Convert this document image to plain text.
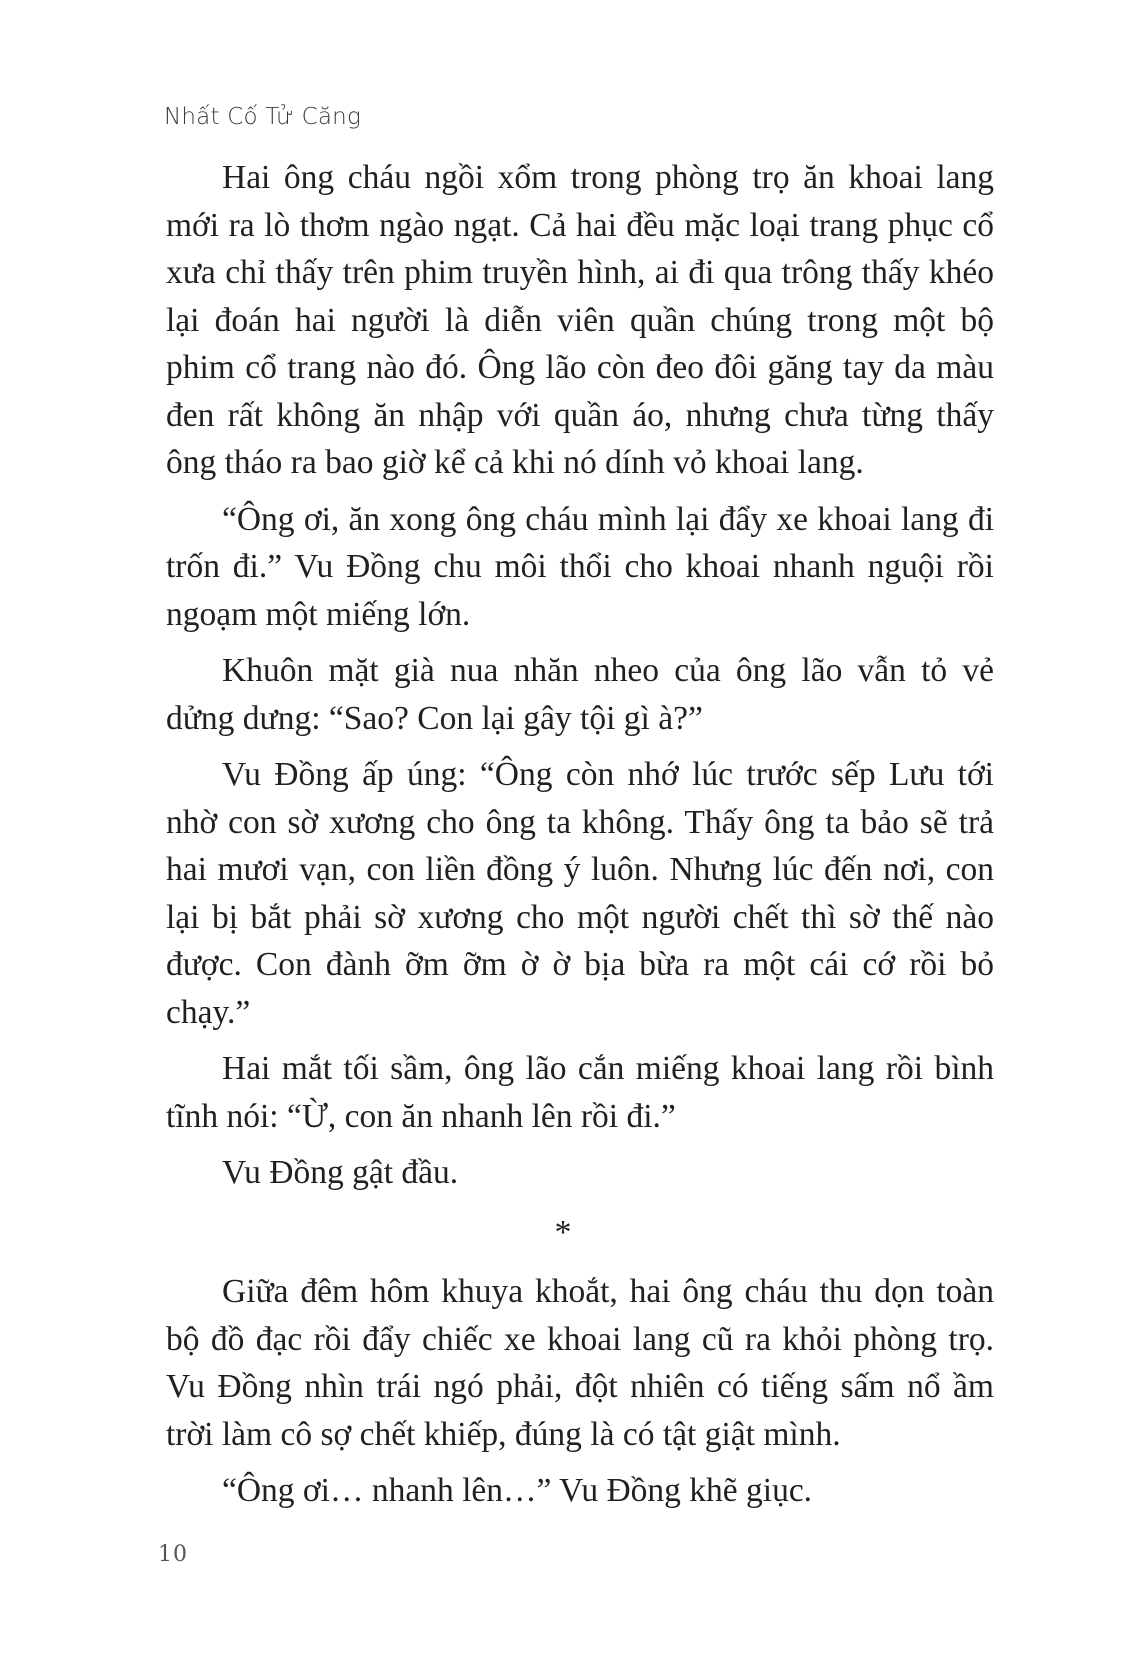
Nhất Cố Tử Căng

Hai ông cháu ngồi xổm trong phòng trọ ăn khoai lang mới ra lò thơm ngào ngạt. Cả hai đều mặc loại trang phục cổ xưa chỉ thấy trên phim truyền hình, ai đi qua trông thấy khéo lại đoán hai người là diễn viên quần chúng trong một bộ phim cổ trang nào đó. Ông lão còn đeo đôi găng tay da màu đen rất không ăn nhập với quần áo, nhưng chưa từng thấy ông tháo ra bao giờ kể cả khi nó dính vỏ khoai lang.

“Ông ơi, ăn xong ông cháu mình lại đẩy xe khoai lang đi trốn đi.” Vu Đồng chu môi thổi cho khoai nhanh nguội rồi ngoạm một miếng lớn.

Khuôn mặt già nua nhăn nheo của ông lão vẫn tỏ vẻ dửng dưng: “Sao? Con lại gây tội gì à?”

Vu Đồng ấp úng: “Ông còn nhớ lúc trước sếp Lưu tới nhờ con sờ xương cho ông ta không. Thấy ông ta bảo sẽ trả hai mươi vạn, con liền đồng ý luôn. Nhưng lúc đến nơi, con lại bị bắt phải sờ xương cho một người chết thì sờ thế nào được. Con đành ỡm ỡm ờ ờ bịa bừa ra một cái cớ rồi bỏ chạy.”

Hai mắt tối sầm, ông lão cắn miếng khoai lang rồi bình tĩnh nói: “Ừ, con ăn nhanh lên rồi đi.”

Vu Đồng gật đầu.

*

Giữa đêm hôm khuya khoắt, hai ông cháu thu dọn toàn bộ đồ đạc rồi đẩy chiếc xe khoai lang cũ ra khỏi phòng trọ. Vu Đồng nhìn trái ngó phải, đột nhiên có tiếng sấm nổ ầm trời làm cô sợ chết khiếp, đúng là có tật giật mình.

“Ông ơi… nhanh lên…” Vu Đồng khẽ giục.

10
